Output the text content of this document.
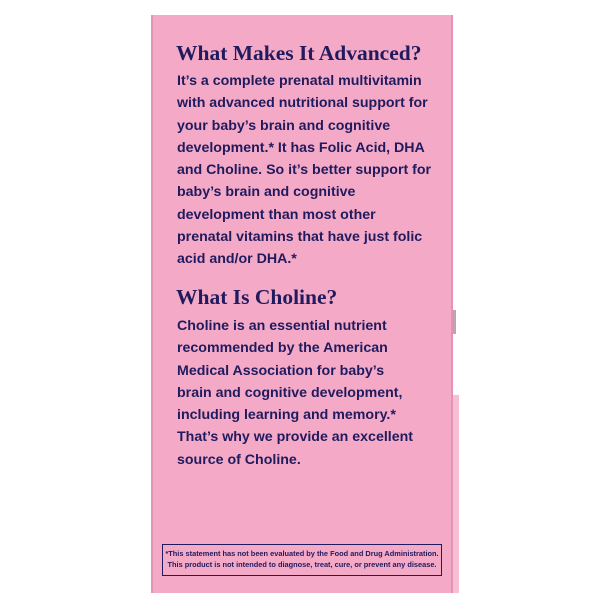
What Makes It Advanced?

It’s a complete prenatal multivitamin
with advanced nutritional support for
your baby’s brain and cognitive
development.* It has Folic Acid, DHA
and Choline. So it’s better support for
baby’s brain and cognitive
development than most other
prenatal vitamins that have just folic
acid and/or DHA.*

What Is Choline?

Choline is an essential nutrient
recommended by the American
Medical Association for baby’s
brain and cognitive development,
including learning and memory.*
That’s why we provide an excellent
source of Choline.

*This statement has not been evaluated by the Food and Drug Administration.
This product is not intended to diagnose, treat, cure, or prevent any disease.
